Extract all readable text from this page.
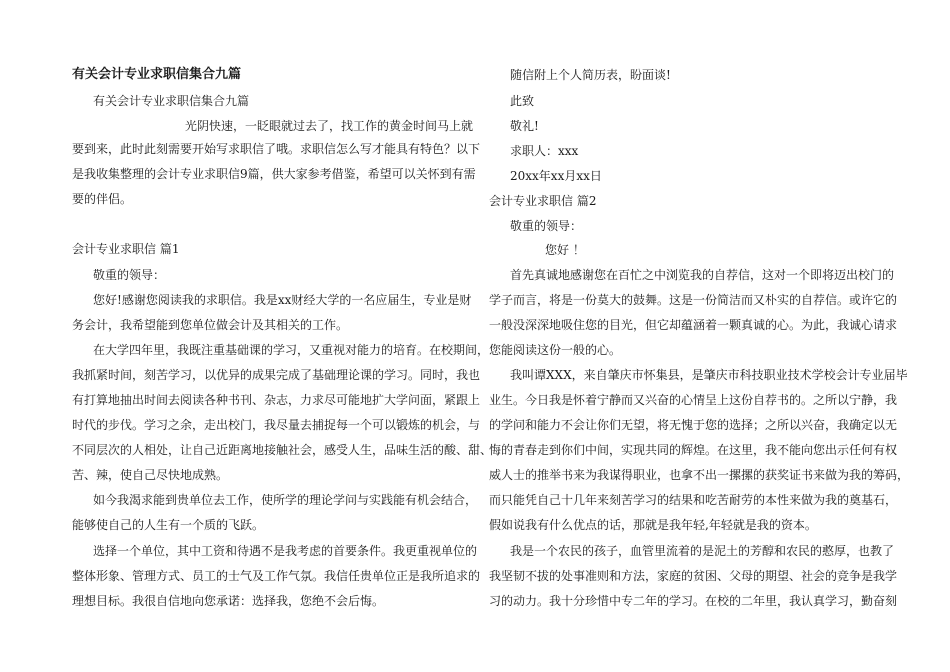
有关会计专业求职信集合九篇
有关会计专业求职信集合九篇
光阴快速，一眨眼就过去了，找工作的黄金时间马上就
要到来，此时此刻需要开始写求职信了哦。求职信怎么写才能具有特色？以下
是我收集整理的会计专业求职信9篇，供大家参考借鉴，希望可以关怀到有需
要的伴侣。
会计专业求职信 篇1
敬重的领导：
您好!感谢您阅读我的求职信。我是xx财经大学的一名应届生，专业是财
务会计，我希望能到您单位做会计及其相关的工作。
在大学四年里，我既注重基础课的学习，又重视对能力的培育。在校期间，
我抓紧时间，刻苦学习，以优异的成果完成了基础理论课的学习。同时，我也
有打算地抽出时间去阅读各种书刊、杂志，力求尽可能地扩大学问面，紧跟上
时代的步伐。学习之余，走出校门，我尽量去捕捉每一个可以锻炼的机会，与
不同层次的人相处，让自己近距离地接触社会，感受人生，品味生活的酸、甜、
苦、辣，使自己尽快地成熟。
如今我渴求能到贵单位去工作，使所学的理论学问与实践能有机会结合，
能够使自己的人生有一个质的飞跃。
选择一个单位，其中工资和待遇不是我考虑的首要条件。我更重视单位的
整体形象、管理方式、员工的士气及工作气氛。我信任贵单位正是我所追求的
理想目标。我很自信地向您承诺：选择我，您绝不会后悔。
随信附上个人简历表，盼面谈!
此致
敬礼!
求职人：xxx
20xx年xx月xx日
会计专业求职信 篇2
敬重的领导：
您好 ！
首先真诚地感谢您在百忙之中浏览我的自荐信，这对一个即将迈出校门的
学子而言，将是一份莫大的鼓舞。这是一份简洁而又朴实的自荐信。或许它的
一般没深深地吸住您的目光，但它却蕴涵着一颗真诚的心。为此，我诚心请求
您能阅读这份一般的心。
我叫谭XXX，来自肇庆市怀集县，是肇庆市科技职业技术学校会计专业届毕
业生。今日我是怀着宁静而又兴奋的心情呈上这份自荐书的。之所以宁静，我
的学问和能力不会让你们无望，将无愧于您的选择；之所以兴奋，我确定以无
悔的青春走到你们中间，实现共同的辉煌。在这里，我不能向您出示任何有权
威人士的推举书来为我谋得职业，也拿不出一摞摞的获奖证书来做为我的筹码，
而只能凭自己十几年来刻苦学习的结果和吃苦耐劳的本性来做为我的奠基石，
假如说我有什么优点的话，那就是我年轻,年轻就是我的资本。
我是一个农民的孩子，血管里流着的是泥土的芳醇和农民的憨厚，也教了
我坚韧不拔的处事准则和方法，家庭的贫困、父母的期望、社会的竞争是我学
习的动力。我十分珍惜中专二年的学习。在校的二年里，我认真学习，勤奋刻
